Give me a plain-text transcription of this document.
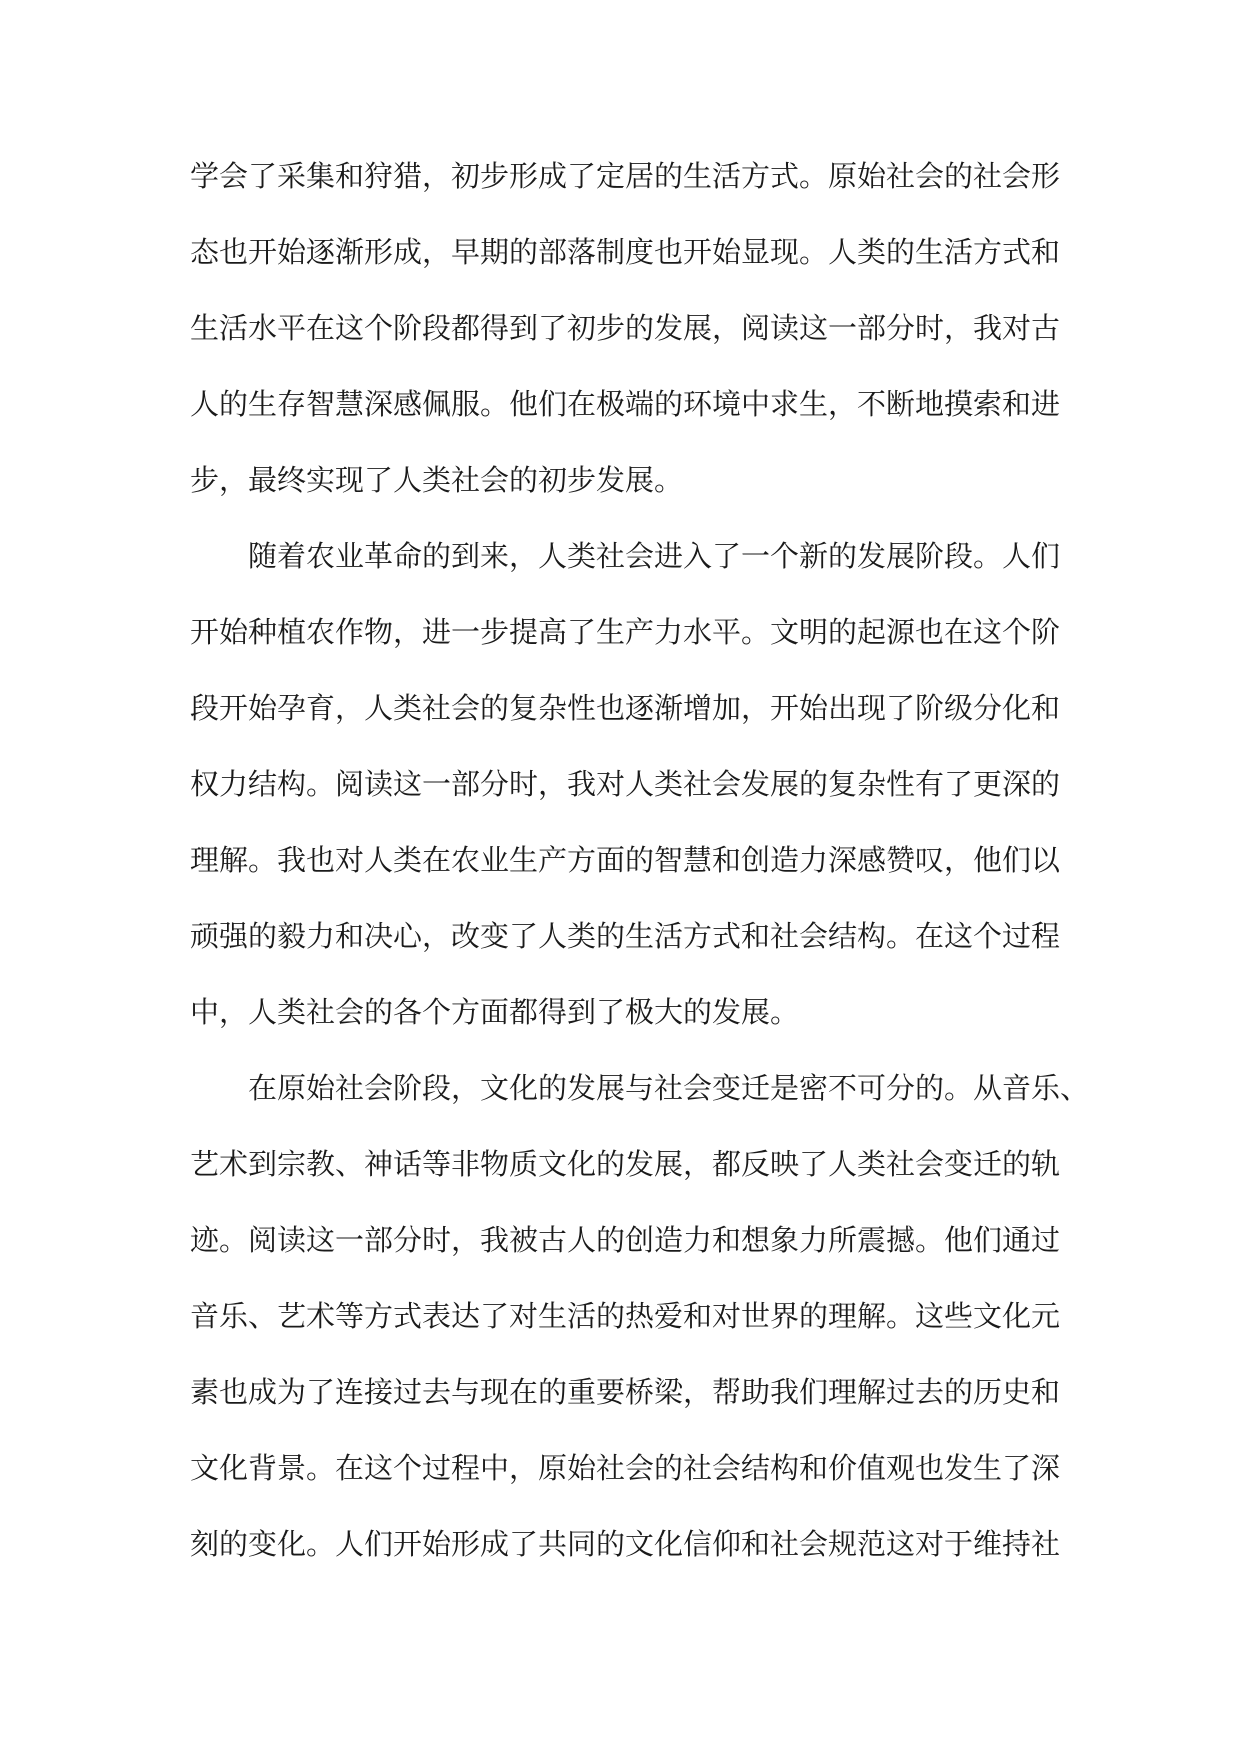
学会了采集和狩猎，初步形成了定居的生活方式。原始社会的社会形
态也开始逐渐形成，早期的部落制度也开始显现。人类的生活方式和
生活水平在这个阶段都得到了初步的发展，阅读这一部分时，我对古
人的生存智慧深感佩服。他们在极端的环境中求生，不断地摸索和进
步，最终实现了人类社会的初步发展。
随着农业革命的到来，人类社会进入了一个新的发展阶段。人们
开始种植农作物，进一步提高了生产力水平。文明的起源也在这个阶
段开始孕育，人类社会的复杂性也逐渐增加，开始出现了阶级分化和
权力结构。阅读这一部分时，我对人类社会发展的复杂性有了更深的
理解。我也对人类在农业生产方面的智慧和创造力深感赞叹，他们以
顽强的毅力和决心，改变了人类的生活方式和社会结构。在这个过程
中，人类社会的各个方面都得到了极大的发展。
在原始社会阶段，文化的发展与社会变迁是密不可分的。从音乐、
艺术到宗教、神话等非物质文化的发展，都反映了人类社会变迁的轨
迹。阅读这一部分时，我被古人的创造力和想象力所震撼。他们通过
音乐、艺术等方式表达了对生活的热爱和对世界的理解。这些文化元
素也成为了连接过去与现在的重要桥梁，帮助我们理解过去的历史和
文化背景。在这个过程中，原始社会的社会结构和价值观也发生了深
刻的变化。人们开始形成了共同的文化信仰和社会规范这对于维持社
